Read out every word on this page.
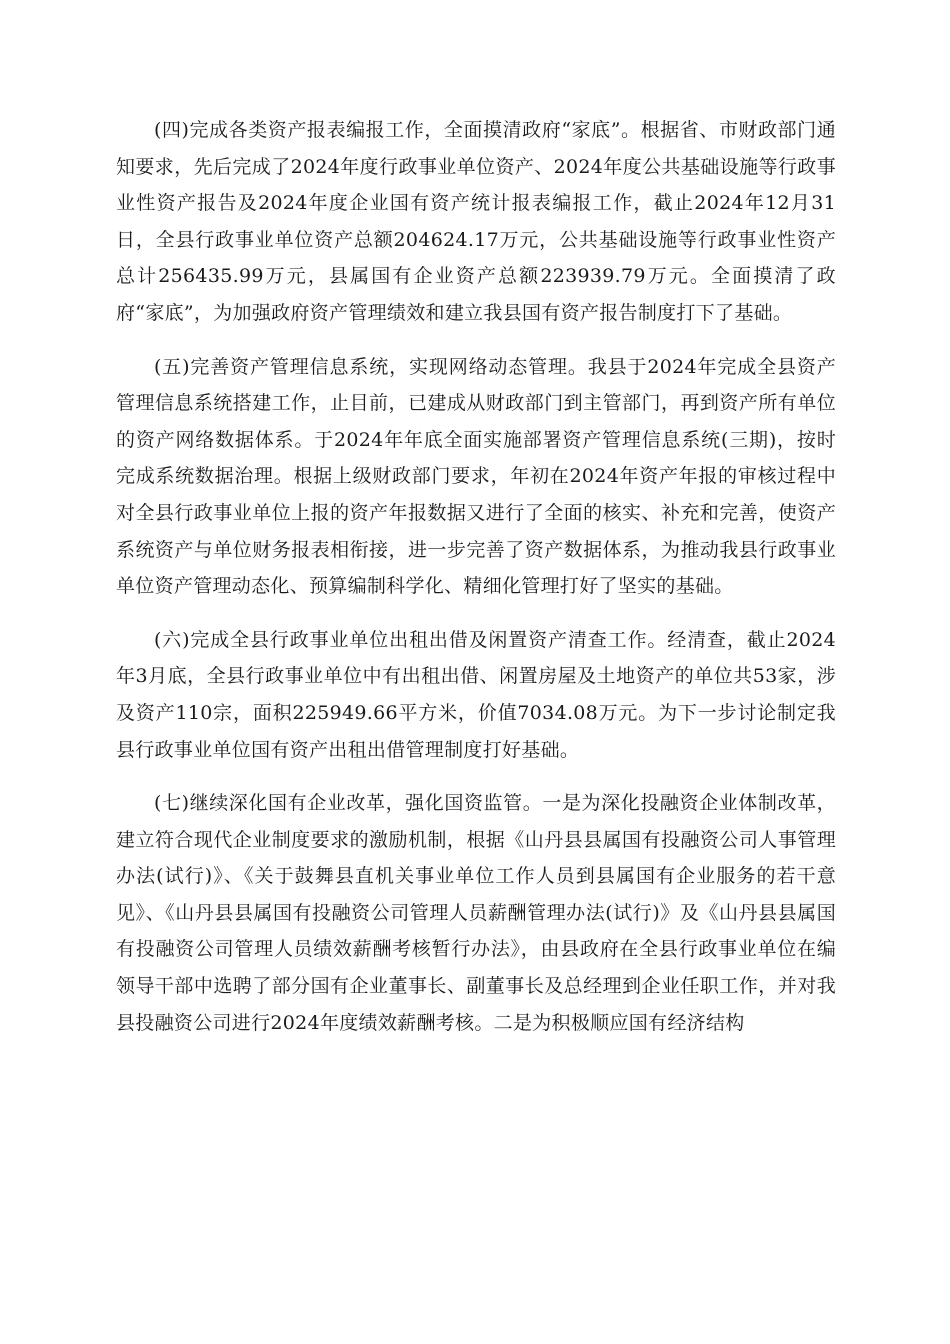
(四)完成各类资产报表编报工作，全面摸清政府“家底”。根据省、市财政部门通知要求，先后完成了2024年度行政事业单位资产、2024年度公共基础设施等行政事业性资产报告及2024年度企业国有资产统计报表编报工作，截止2024年12月31日，全县行政事业单位资产总额204624.17万元，公共基础设施等行政事业性资产总计256435.99万元，县属国有企业资产总额223939.79万元。全面摸清了政府“家底”，为加强政府资产管理绩效和建立我县国有资产报告制度打下了基础。

(五)完善资产管理信息系统，实现网络动态管理。我县于2024年完成全县资产管理信息系统搭建工作，止目前，已建成从财政部门到主管部门，再到资产所有单位的资产网络数据体系。于2024年年底全面实施部署资产管理信息系统(三期)，按时完成系统数据治理。根据上级财政部门要求，年初在2024年资产年报的审核过程中对全县行政事业单位上报的资产年报数据又进行了全面的核实、补充和完善，使资产系统资产与单位财务报表相衔接，进一步完善了资产数据体系，为推动我县行政事业单位资产管理动态化、预算编制科学化、精细化管理打好了坚实的基础。

(六)完成全县行政事业单位出租出借及闲置资产清查工作。经清查，截止2024年3月底，全县行政事业单位中有出租出借、闲置房屋及土地资产的单位共53家，涉及资产110宗，面积225949.66平方米，价值7034.08万元。为下一步讨论制定我县行政事业单位国有资产出租出借管理制度打好基础。

(七)继续深化国有企业改革，强化国资监管。一是为深化投融资企业体制改革，建立符合现代企业制度要求的激励机制，根据《山丹县县属国有投融资公司人事管理办法(试行)》、《关于鼓舞县直机关事业单位工作人员到县属国有企业服务的若干意见》、《山丹县县属国有投融资公司管理人员薪酬管理办法(试行)》及《山丹县县属国有投融资公司管理人员绩效薪酬考核暂行办法》，由县政府在全县行政事业单位在编领导干部中选聘了部分国有企业董事长、副董事长及总经理到企业任职工作，并对我县投融资公司进行2024年度绩效薪酬考核。二是为积极顺应国有经济结构
